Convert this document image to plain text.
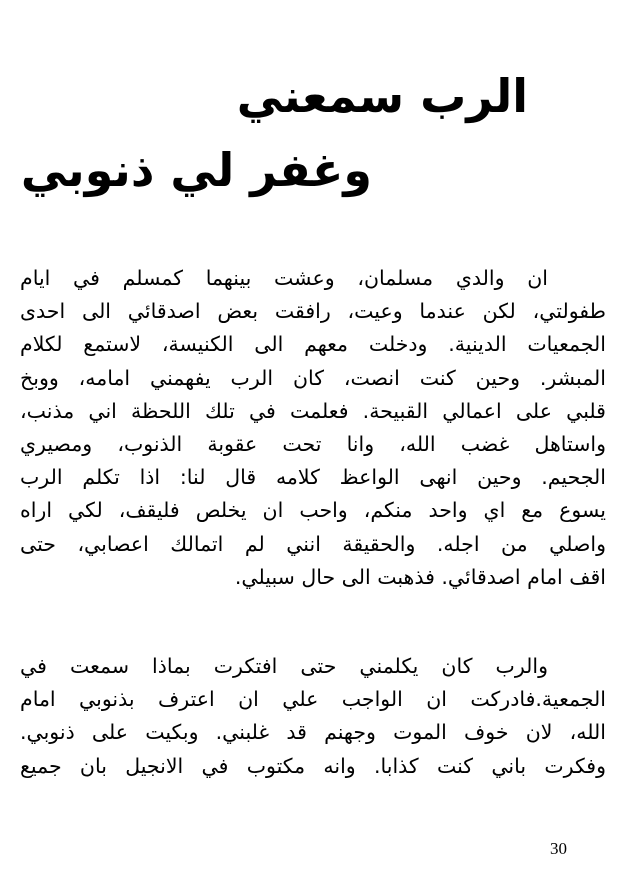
الرب سمعني
وغفر لي ذنوبي
ان والدي مسلمان، وعشت بينهما كمسلم في ايام
طفولتي، لكن عندما وعيت، رافقت بعض اصدقائي الى احدى
الجمعيات الدينية. ودخلت معهم الى الكنيسة، لاستمع لكلام
المبشر. وحين كنت انصت، كان الرب يفهمني امامه، ووبخ
قلبي على اعمالي القبيحة. فعلمت في تلك اللحظة اني مذنب،
واستاهل غضب الله، وانا تحت عقوبة الذنوب، ومصيري
الجحيم. وحين انهى الواعظ كلامه قال لنا: اذا تكلم الرب
يسوع مع اي واحد منكم، واحب ان يخلص فليقف، لكي اراه
واصلي من اجله. والحقيقة انني لم اتمالك اعصابي، حتى
اقف امام اصدقائي. فذهبت الى حال سبيلي.
والرب كان يكلمني حتى افتكرت بماذا سمعت في
الجمعية.فادركت ان الواجب علي ان اعترف بذنوبي امام
الله، لان خوف الموت وجهنم قد غلبني. وبكيت على ذنوبي.
وفكرت باني كنت كذابا. وانه مكتوب في الانجيل بان جميع
30
